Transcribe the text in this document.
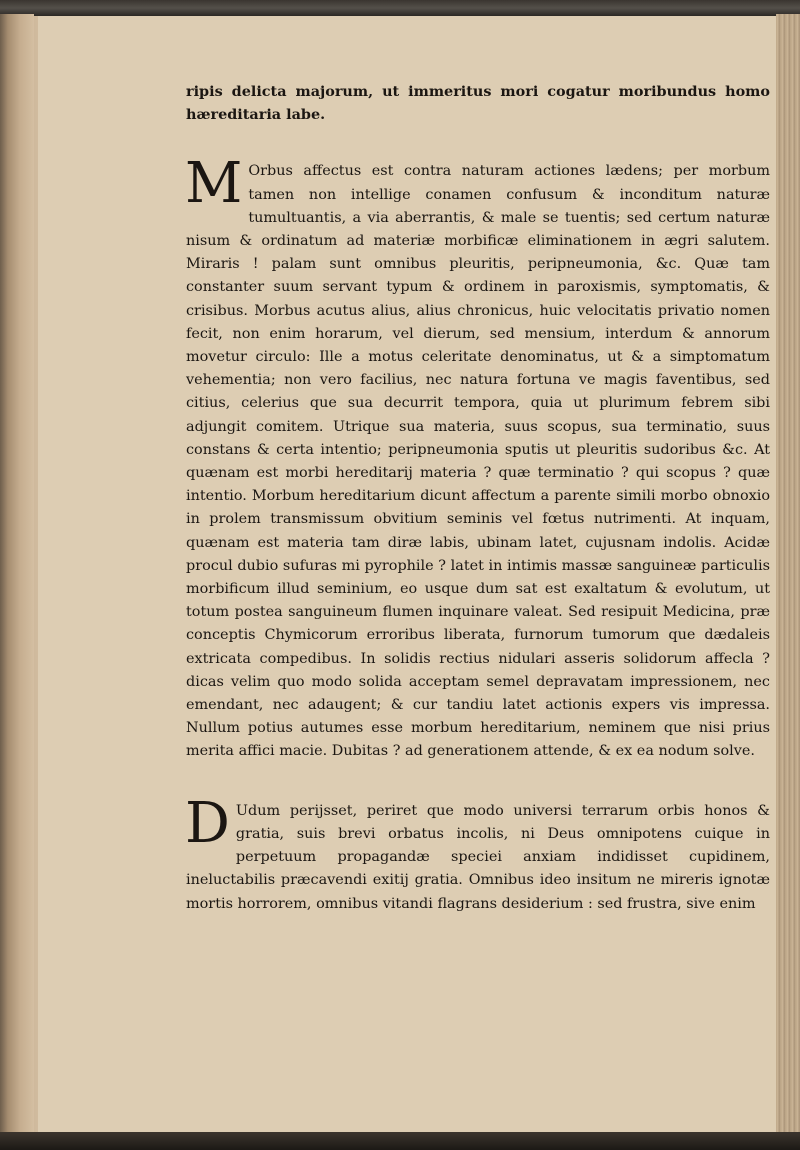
ripis delicta majorum, ut immeritus mori cogatur moribundus homo hæreditaria labe.

M Orbus affectus est contra naturam actiones lædens; per morbum tamen non intellige conamen confusum & inconditum naturæ tumultuantis, a via aberrantis, & male se tuentis; sed certum naturæ nisum & ordinatum ad materiæ morbificæ eliminationem in ægri salutem. Miraris ! palam sunt omnibus pleuritis, peripneumonia, &c. Quæ tam constanter suum servant typum & ordinem in paroxismis, symptomatis, & crisibus. Morbus acutus alius, alius chronicus, huic velocitatis privatio nomen fecit, non enim horarum, vel dierum, sed mensium, interdum & annorum movetur circulo: Ille a motus celeritate denominatus, ut & a simptomatum vehementia; non vero facilius, nec natura fortuna ve magis faventibus, sed citius, celerius que sua decurrit tempora, quia ut plurimum febrem sibi adjungit comitem. Utrique sua materia, suus scopus, sua terminatio, suus constans & certa intentio; peripneumonia sputis ut pleuritis sudoribus &c. At quænam est morbi hereditarij materia ? quæ terminatio ? qui scopus ? quæ intentio. Morbum hereditarium dicunt affectum a parente simili morbo obnoxio in prolem transmissum obvitium seminis vel fœtus nutrimenti. At inquam, quænam est materia tam diræ labis, ubinam latet, cujusnam indolis. Acidæ procul dubio sufuras mi pyrophile ? latet in intimis massæ sanguineæ particulis morbificum illud seminium, eo usque dum sat est exaltatum & evolutum, ut totum postea sanguineum flumen inquinare valeat. Sed resipuit Medicina, præ conceptis Chymicorum erroribus liberata, furnorum tumorum que dædaleis extricata compedibus. In solidis rectius nidulari asseris solidorum affecla ? dicas velim quo modo solida acceptam semel depravatam impressionem, nec emendant, nec adaugent; & cur tandiu latet actionis expers vis impressa. Nullum potius autumes esse morbum hereditarium, neminem que nisi prius merita affici macie. Dubitas ? ad generationem attende, & ex ea nodum solve.

D Udum perijsset, periret que modo universi terrarum orbis honos & gratia, suis brevi orbatus incolis, ni Deus omnipotens cuique in perpetuum propagandæ speciei anxiam indidisset cupidinem, ineluctabilis præcavendi exitij gratia. Omnibus ideo insitum ne mireris ignotæ mortis horrorem, omnibus vitandi flagrans desiderium : sed frustra, sive enim
